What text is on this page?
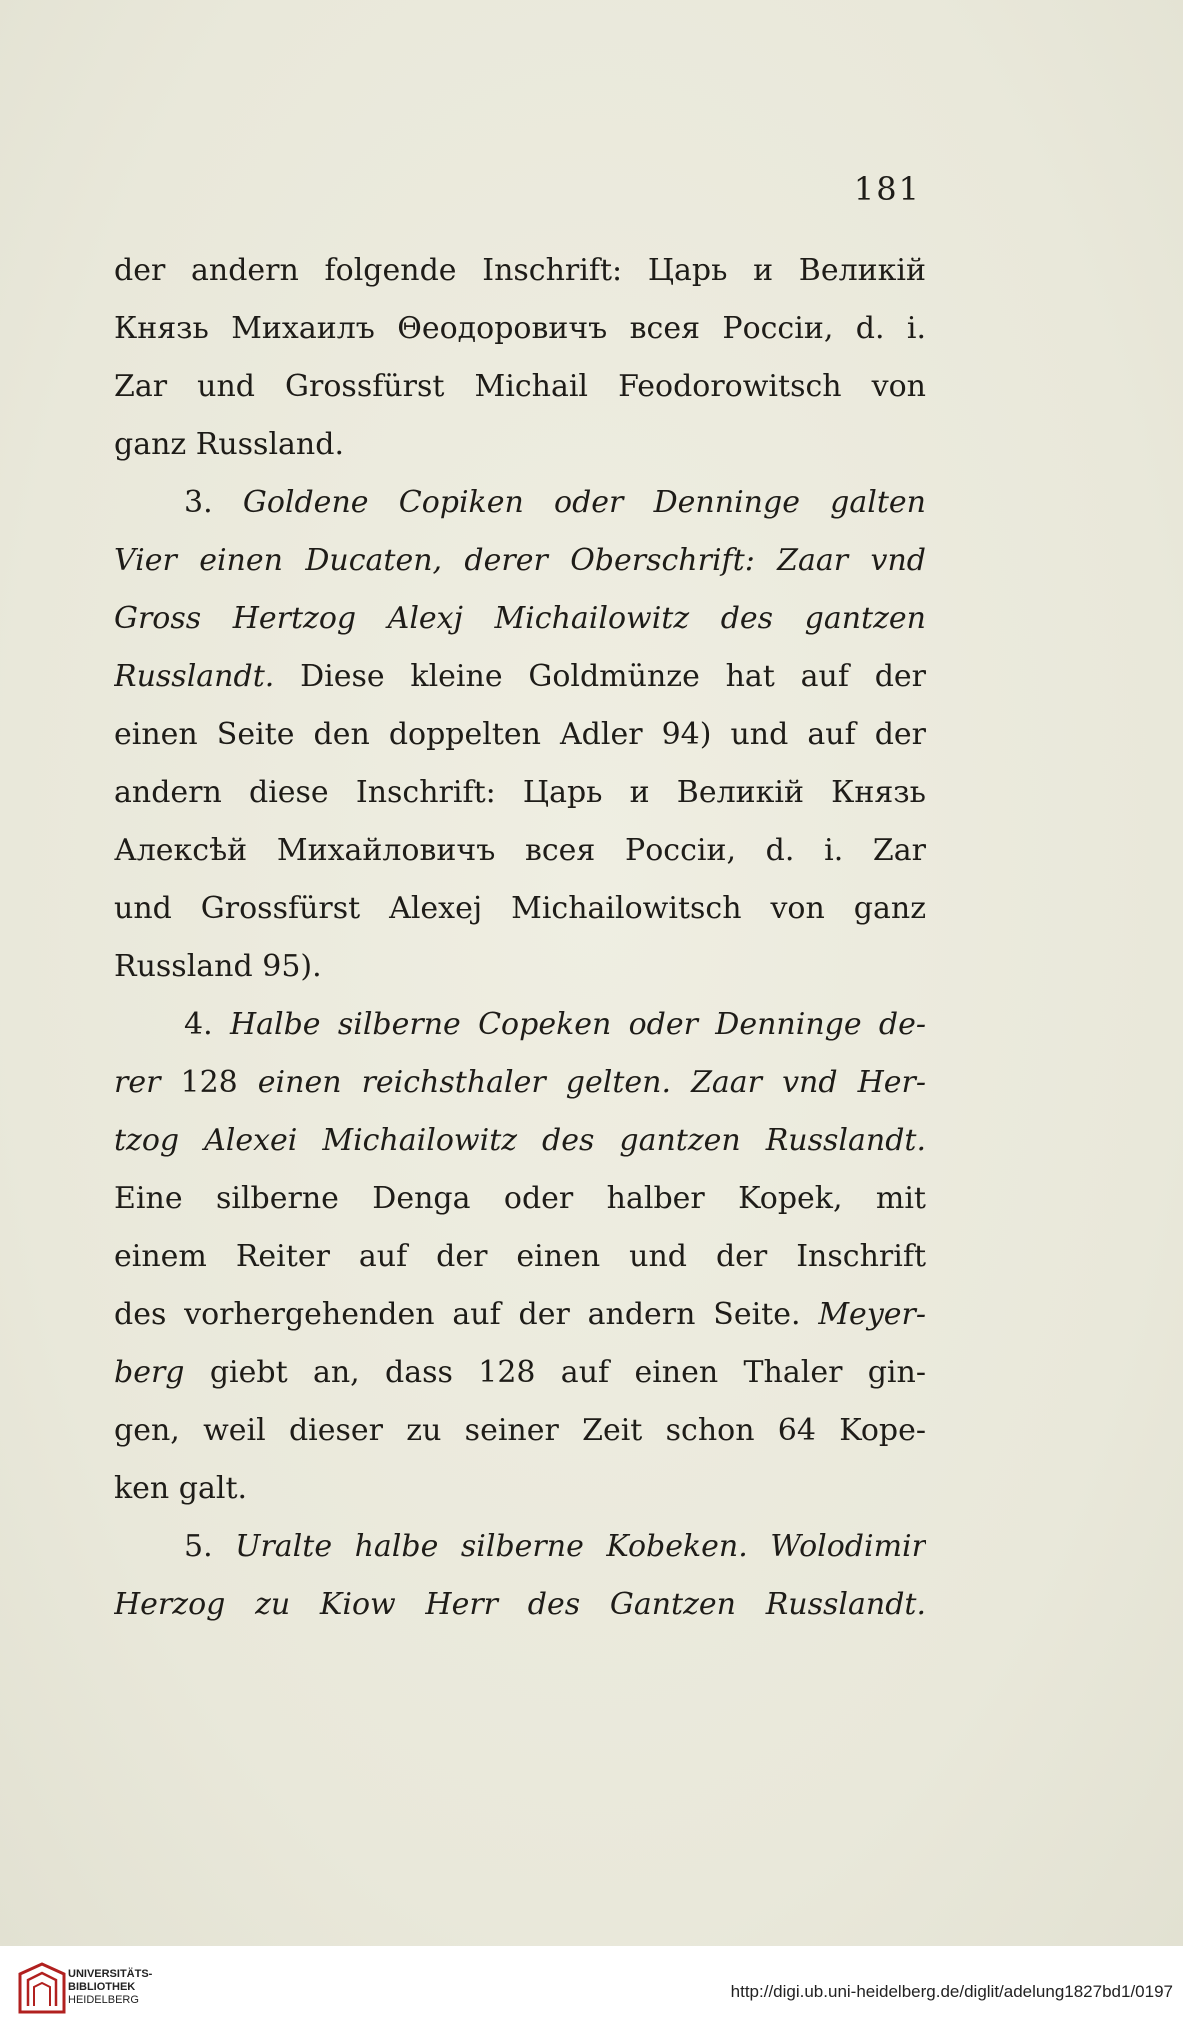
181
der andern folgende Inschrift: Царь и Великій
Князь Михаилъ Θеодоровичъ всея Россіи, d. i.
Zar und Grossfürst Michail Feodorowitsch von
ganz Russland.
3. Goldene Copiken oder Denninge galten
Vier einen Ducaten, derer Oberschrift: Zaar vnd
Gross Hertzog Alexj Michailowitz des gantzen
Russlandt. Diese kleine Goldmünze hat auf der
einen Seite den doppelten Adler 94) und auf der
andern diese Inschrift: Царь и Великій Князь
Алексѣй Михайловичъ всея Россіи, d. i. Zar
und Grossfürst Alexej Michailowitsch von ganz
Russland 95).
4. Halbe silberne Copeken oder Denninge de-
rer 128 einen reichsthaler gelten. Zaar vnd Her-
tzog Alexei Michailowitz des gantzen Russlandt.
Eine silberne Denga oder halber Kopek, mit
einem Reiter auf der einen und der Inschrift
des vorhergehenden auf der andern Seite. Meyer-
berg giebt an, dass 128 auf einen Thaler gin-
gen, weil dieser zu seiner Zeit schon 64 Kope-
ken galt.
5. Uralte halbe silberne Kobeken. Wolodimir
Herzog zu Kiow Herr des Gantzen Russlandt.
UNIVERSITÄTS-
BIBLIOTHEK
HEIDELBERG	http://digi.ub.uni-heidelberg.de/diglit/adelung1827bd1/0197
